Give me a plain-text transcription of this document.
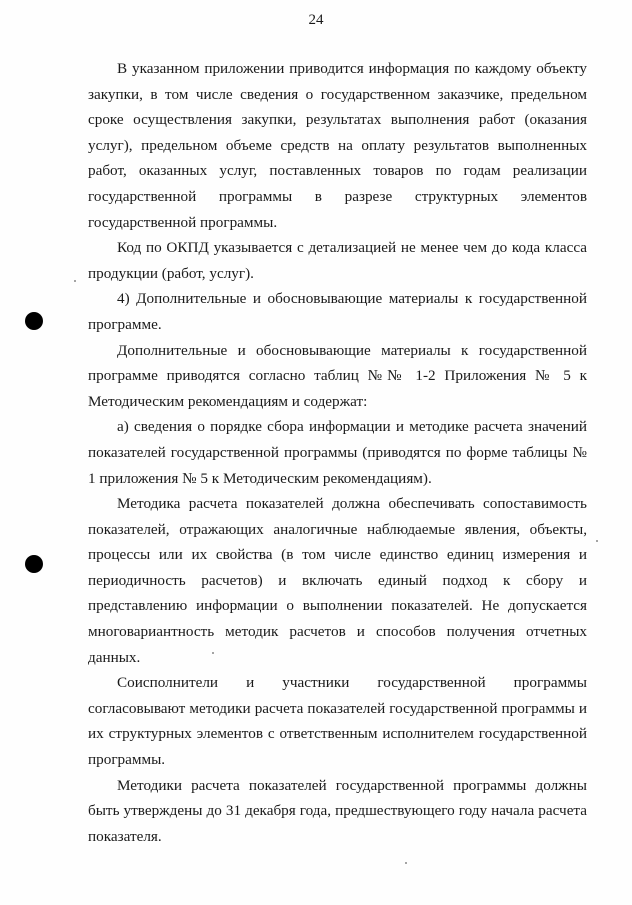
24

В указанном приложении приводится информация по каждому объекту закупки, в том числе сведения о государственном заказчике, предельном сроке осуществления закупки, результатах выполнения работ (оказания услуг), предельном объеме средств на оплату результатов выполненных работ, оказанных услуг, поставленных товаров по годам реализации государственной программы в разрезе структурных элементов государственной программы.

Код по ОКПД указывается с детализацией не менее чем до кода класса продукции (работ, услуг).

4) Дополнительные и обосновывающие материалы к государственной программе.

Дополнительные и обосновывающие материалы к государственной программе приводятся согласно таблиц №№ 1-2 Приложения № 5 к Методическим рекомендациям и содержат:

а) сведения о порядке сбора информации и методике расчета значений показателей государственной программы (приводятся по форме таблицы № 1 приложения № 5 к Методическим рекомендациям).

Методика расчета показателей должна обеспечивать сопоставимость показателей, отражающих аналогичные наблюдаемые явления, объекты, процессы или их свойства (в том числе единство единиц измерения и периодичность расчетов) и включать единый подход к сбору и представлению информации о выполнении показателей. Не допускается многовариантность методик расчетов и способов получения отчетных данных.

Соисполнители и участники государственной программы согласовывают методики расчета показателей государственной программы и их структурных элементов с ответственным исполнителем государственной программы.

Методики расчета показателей государственной программы должны быть утверждены до 31 декабря года, предшествующего году начала расчета показателя.
